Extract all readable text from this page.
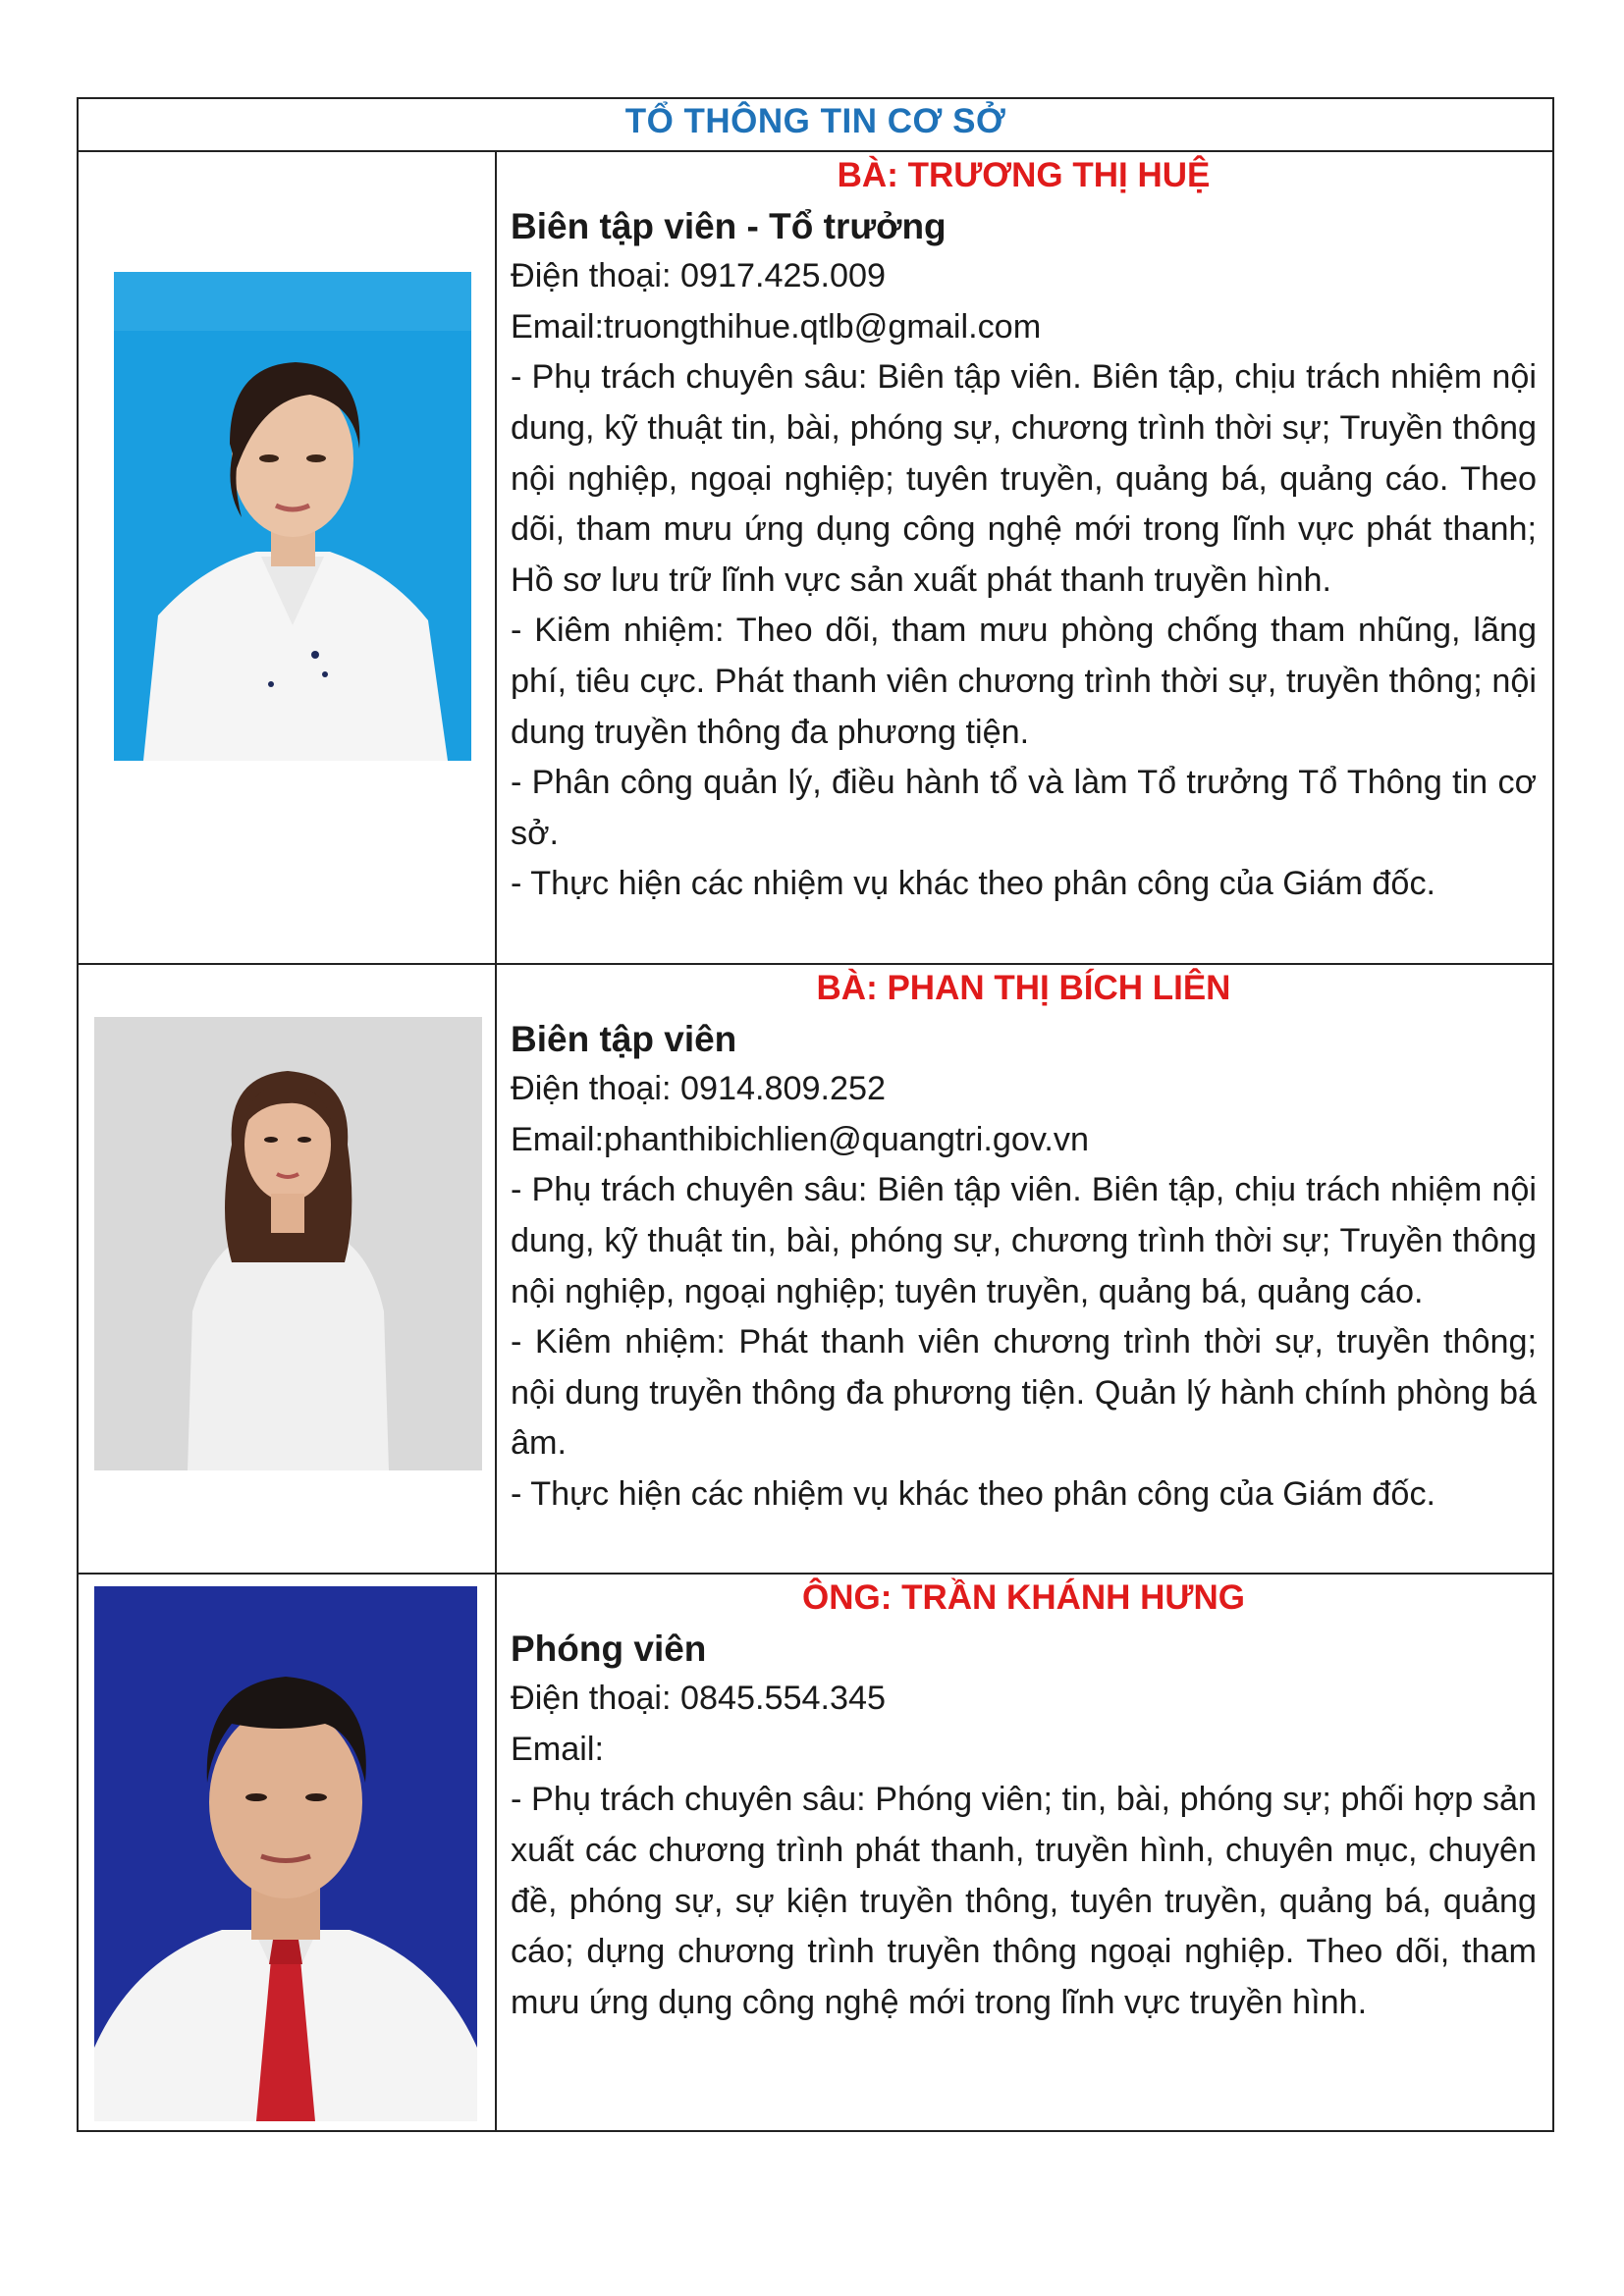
TỔ THÔNG TIN CƠ SỞ
BÀ: TRƯƠNG THỊ HUỆ
Biên tập viên - Tổ trưởng
Điện thoại: 0917.425.009
Email:truongthihue.qtlb@gmail.com

- Phụ trách chuyên sâu: Biên tập viên. Biên tập, chịu trách nhiệm nội dung, kỹ thuật tin, bài, phóng sự, chương trình thời sự; Truyền thông nội nghiệp, ngoại nghiệp; tuyên truyền, quảng bá, quảng cáo. Theo dõi, tham mưu ứng dụng công nghệ mới trong lĩnh vực phát thanh; Hồ sơ lưu trữ lĩnh vực sản xuất phát thanh truyền hình.

- Kiêm nhiệm: Theo dõi, tham mưu phòng chống tham nhũng, lãng phí, tiêu cực. Phát thanh viên chương trình thời sự, truyền thông; nội dung truyền thông đa phương tiện.

- Phân công quản lý, điều hành tổ và làm Tổ trưởng Tổ Thông tin cơ sở.

- Thực hiện các nhiệm vụ khác theo phân công của Giám đốc.

BÀ: PHAN THỊ BÍCH LIÊN
Biên tập viên
Điện thoại: 0914.809.252
Email:phanthibichlien@quangtri.gov.vn

- Phụ trách chuyên sâu: Biên tập viên. Biên tập, chịu trách nhiệm nội dung, kỹ thuật tin, bài, phóng sự, chương trình thời sự; Truyền thông nội nghiệp, ngoại nghiệp; tuyên truyền, quảng bá, quảng cáo.

- Kiêm nhiệm: Phát thanh viên chương trình thời sự, truyền thông; nội dung truyền thông đa phương tiện. Quản lý hành chính phòng bá âm.

- Thực hiện các nhiệm vụ khác theo phân công của Giám đốc.

ÔNG: TRẦN KHÁNH HƯNG
Phóng viên
Điện thoại: 0845.554.345
Email:

- Phụ trách chuyên sâu: Phóng viên; tin, bài, phóng sự; phối hợp sản xuất các chương trình phát thanh, truyền hình, chuyên mục, chuyên đề, phóng sự, sự kiện truyền thông, tuyên truyền, quảng bá, quảng cáo; dựng chương trình truyền thông ngoại nghiệp. Theo dõi, tham mưu ứng dụng công nghệ mới trong lĩnh vực truyền hình.
